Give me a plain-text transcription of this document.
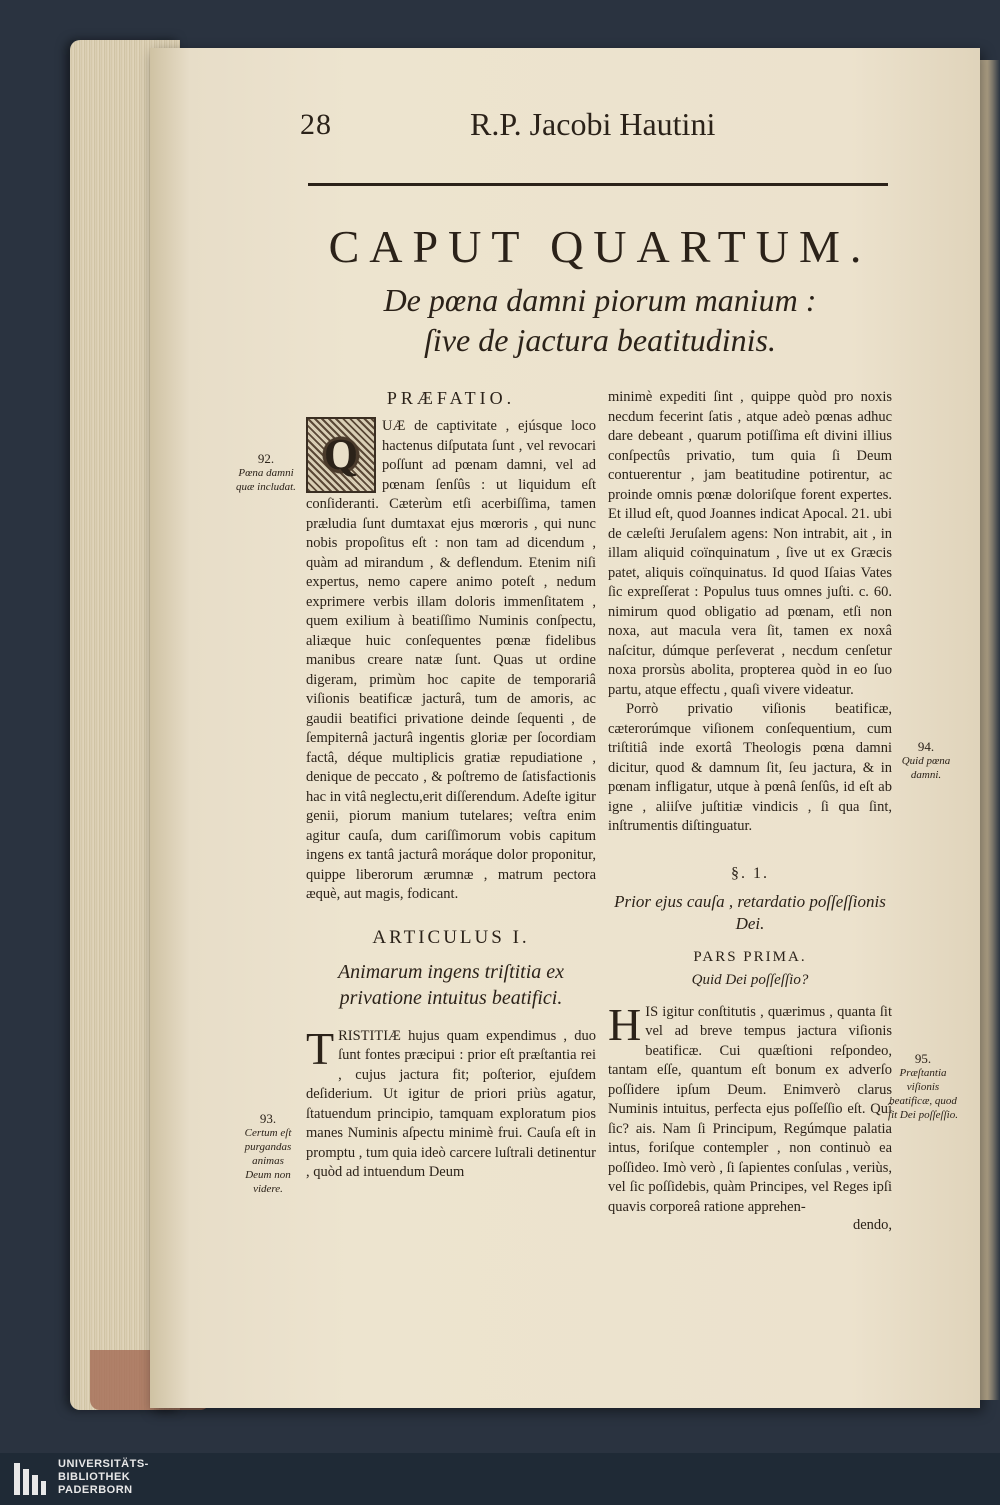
28	R.P. Jacobi Hautini
CAPUT QUARTUM.
De pœna damni piorum manium :
ſive de jactura beatitudinis.
92.
Pœna damni quæ includat.
93.
Certum eſt purgandas animas Deum non videre.
94.
Quid pœna damni.
95.
Præſtantia viſionis beatificæ, quod ſit Dei poſſeſſio.
PRÆFATIO.

Q
UÆ de captivitate , ejúsque loco hactenus diſputata ſunt , vel revocari poſſunt ad pœnam damni, vel ad pœnam ſenſûs : ut liquidum eſt conſideranti. Cæterùm etſi acerbiſſima, tamen præludia ſunt dumtaxat ejus mœroris , qui nunc nobis propoſitus eſt : non tam ad dicendum , quàm ad mirandum , & deflendum. Etenim niſi expertus, nemo capere animo poteſt , nedum exprimere verbis illam doloris immenſitatem , quem exilium à beatiſſimo Numinis conſpectu, aliæque huic conſequentes pœnæ fidelibus manibus creare natæ ſunt. Quas ut ordine digeram, primùm hoc capite de temporariâ viſionis beatificæ jacturâ, tum de amoris, ac gaudii beatifici privatione deinde ſequenti , de ſempiternâ jacturâ ingentis gloriæ per ſocordiam factâ, déque multiplicis gratiæ repudiatione , denique de peccato , & poſtremo de ſatisfactionis hac in vitâ neglectu,erit diſſerendum. Adeſte igitur genii, piorum manium tutelares; veſtra enim agitur cauſa, dum cariſſimorum vobis capitum ingens ex tantâ jacturâ moráque dolor proponitur, quippe liberorum ærumnæ , matrum pectora æquè, aut magis, fodicant.

ARTICULUS I.
Animarum ingens triſtitia ex privatione intuitus beatifici.

TRISTITIÆ hujus quam expendimus , duo ſunt fontes præcipui : prior eſt præſtantia rei , cujus jactura fit; poſterior, ejuſdem deſiderium. Ut igitur de priori priùs agatur, ſtatuendum principio, tamquam exploratum pios manes Numinis aſpectu minimè frui. Cauſa eſt in promptu , tum quia ideò carcere luſtrali detinentur , quòd ad intuendum Deum

minimè expediti ſint , quippe quòd pro noxis necdum fecerint ſatis , atque adeò pœnas adhuc dare debeant , quarum potiſſima eſt divini illius conſpectûs privatio, tum quia ſi Deum contuerentur , jam beatitudine potirentur, ac proinde omnis pœnæ doloriſque forent expertes. Et illud eſt, quod Joannes indicat Apocal. 21. ubi de cæleſti Jeruſalem agens: Non intrabit, ait , in illam aliquid coïnquinatum , ſive ut ex Græcis patet, aliquis coïnquinatus. Id quod Iſaias Vates ſic expreſſerat : Populus tuus omnes juſti. c. 60. nimirum quod obligatio ad pœnam, etſi non noxa, aut macula vera ſit, tamen ex noxâ naſcitur, dúmque perſeverat , necdum cenſetur noxa prorsùs abolita, propterea quòd in eo ſuo partu, atque effectu , quaſi vivere videatur.

Porrò privatio viſionis beatificæ, cæterorúmque viſionem conſequentium, cum triſtitiâ inde exortâ Theologis pœna damni dicitur, quod & damnum ſit, ſeu jactura, & in pœnam infligatur, utque à pœnâ ſenſûs, id eſt ab igne , aliiſve juſtitiæ vindicis , ſi qua ſint, inſtrumentis diſtinguatur.

§. 1.
Prior ejus cauſa , retardatio poſſeſſionis Dei.
PARS PRIMA.
Quid Dei poſſeſſio?

HIS igitur conſtitutis , quærimus , quanta ſit vel ad breve tempus jactura viſionis beatificæ. Cui quæſtioni reſpondeo, tantam eſſe, quantum eſt bonum ex adverſo poſſidere ipſum Deum. Enimverò clarus Numinis intuitus, perfecta ejus poſſeſſio eſt. Quî ſic? ais. Nam ſi Principum, Regúmque palatia intus, foriſque contempler , non continuò ea poſſideo. Imò verò , ſi ſapientes conſulas , veriùs, vel ſic poſſidebis, quàm Principes, vel Reges ipſi quavis corporeâ ratione apprehen-

dendo,
UNIVERSITÄTS-
BIBLIOTHEK
PADERBORN
